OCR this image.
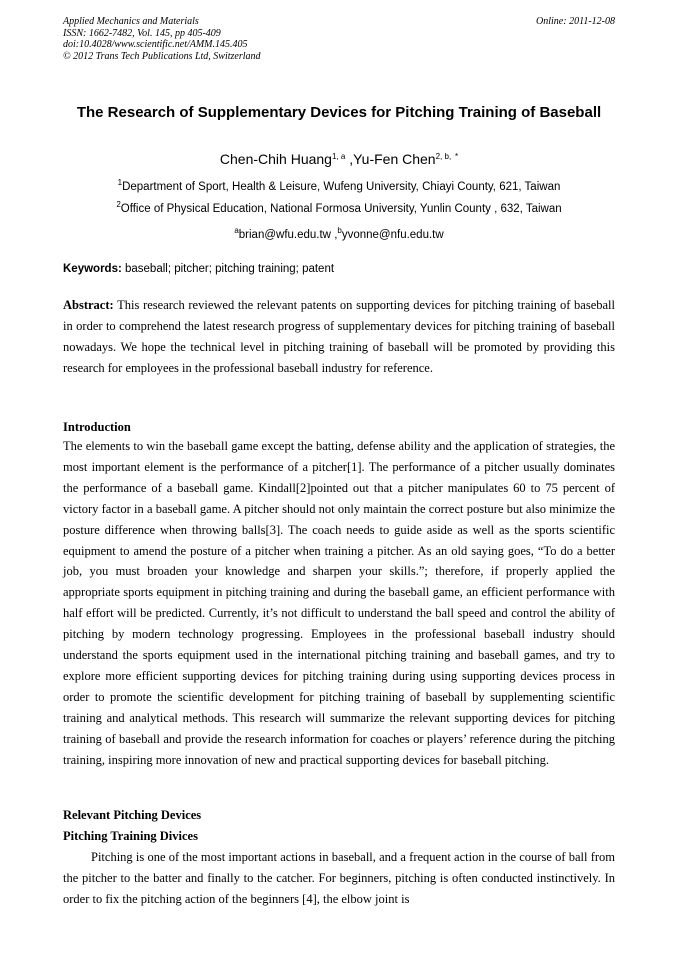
Applied Mechanics and Materials
ISSN: 1662-7482, Vol. 145, pp 405-409
doi:10.4028/www.scientific.net/AMM.145.405
© 2012 Trans Tech Publications Ltd, Switzerland
Online: 2011-12-08
The Research of Supplementary Devices for Pitching Training of Baseball
Chen-Chih Huang$^{1, a}$ ,Yu-Fen Chen$^{2, b, *}$
$^1$Department of Sport, Health & Leisure, Wufeng University, Chiayi County, 621, Taiwan
$^2$Office of Physical Education, National Formosa University, Yunlin County , 632, Taiwan
$^a$brian@wfu.edu.tw ,$^b$yvonne@nfu.edu.tw
Keywords: baseball; pitcher; pitching training; patent
Abstract: This research reviewed the relevant patents on supporting devices for pitching training of baseball in order to comprehend the latest research progress of supplementary devices for pitching training of baseball nowadays. We hope the technical level in pitching training of baseball will be promoted by providing this research for employees in the professional baseball industry for reference.
Introduction
The elements to win the baseball game except the batting, defense ability and the application of strategies, the most important element is the performance of a pitcher[1]. The performance of a pitcher usually dominates the performance of a baseball game. Kindall[2]pointed out that a pitcher manipulates 60 to 75 percent of victory factor in a baseball game. A pitcher should not only maintain the correct posture but also minimize the posture difference when throwing balls[3]. The coach needs to guide aside as well as the sports scientific equipment to amend the posture of a pitcher when training a pitcher. As an old saying goes, “To do a better job, you must broaden your knowledge and sharpen your skills.”; therefore, if properly applied the appropriate sports equipment in pitching training and during the baseball game, an efficient performance with half effort will be predicted. Currently, it’s not difficult to understand the ball speed and control the ability of pitching by modern technology progressing. Employees in the professional baseball industry should understand the sports equipment used in the international pitching training and baseball games, and try to explore more efficient supporting devices for pitching training during using supporting devices process in order to promote the scientific development for pitching training of baseball by supplementing scientific training and analytical methods. This research will summarize the relevant supporting devices for pitching training of baseball and provide the research information for coaches or players’ reference during the pitching training, inspiring more innovation of new and practical supporting devices for baseball pitching.
Relevant Pitching Devices
Pitching Training Divices
Pitching is one of the most important actions in baseball, and a frequent action in the course of ball from the pitcher to the batter and finally to the catcher. For beginners, pitching is often conducted instinctively. In order to fix the pitching action of the beginners [4], the elbow joint is
